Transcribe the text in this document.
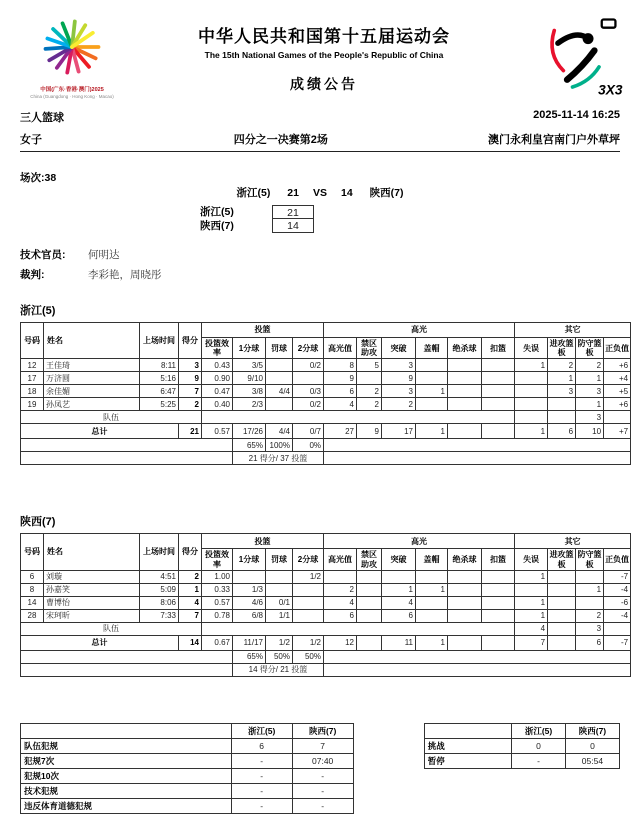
中国(广东·香港·澳门)2025
China (Guangdong · Hong Kong · Macao)
中华人民共和国第十五届运动会
The 15th National Games of the People's Republic of China
成绩公告	3X3
三人篮球	2025-11-14 16:25
女子	四分之一决赛第2场	澳门永利皇宫南门户外草坪
场次:38
浙江(5) 21 VS 14 陕西(7)
浙江(5)	21
陕西(7)	14
技术官员:	何明达
裁判:	李彩艳，周晓彤
浙江(5)
号码	姓名	上场时间	得分	投篮				高光						其它			
				投篮效率	1分球	罚球	2分球	高光值	禁区助攻	突破	盖帽	绝杀球	扣篮	失误	进攻篮板	防守篮板	正负值
12	王佳琦	8:11	3	0.43	3/5		0/2	8	5	3				1	2	2	+6
17	万济圆	5:16	9	0.90	9/10			9		9					1	1	+4
18	余佳媚	6:47	7	0.47	3/8	4/4	0/3	6	2	3	1				3	3	+5
19	孙凤艺	5:25	2	0.40	2/3		0/2	4	2	2						1	+6
队伍																3	
总计			21	0.57	17/26	4/4	0/7	27	9	17	1			1	6	10	+7
					65%	100%	0%										
					21 得分/ 37 投篮												
陕西(7)
号码	姓名	上场时间	得分	投篮				高光						其它			
				投篮效率	1分球	罚球	2分球	高光值	禁区助攻	突破	盖帽	绝杀球	扣篮	失误	进攻篮板	防守篮板	正负值
6	刘璇	4:51	2	1.00			1/2							1			-7
8	孙嘉笑	5:09	1	0.33	1/3			2		1	1					1	-4
14	曹博怡	8:06	4	0.57	4/6	0/1		4		4				1			-6
28	宋珂昕	7:33	7	0.78	6/8	1/1		6		6				1		2	-4
队伍														4		3	
总计			14	0.67	11/17	1/2	1/2	12		11	1			7		6	-7
					65%	50%	50%										
					14 得分/ 21 投篮												
	浙江(5)	陕西(7)
队伍犯规	6	7
犯规7次	-	07:40
犯规10次	-	-
技术犯规	-	-
违反体育道德犯规	-	-
	浙江(5)	陕西(7)
挑战	0	0
暂停	-	05:54
